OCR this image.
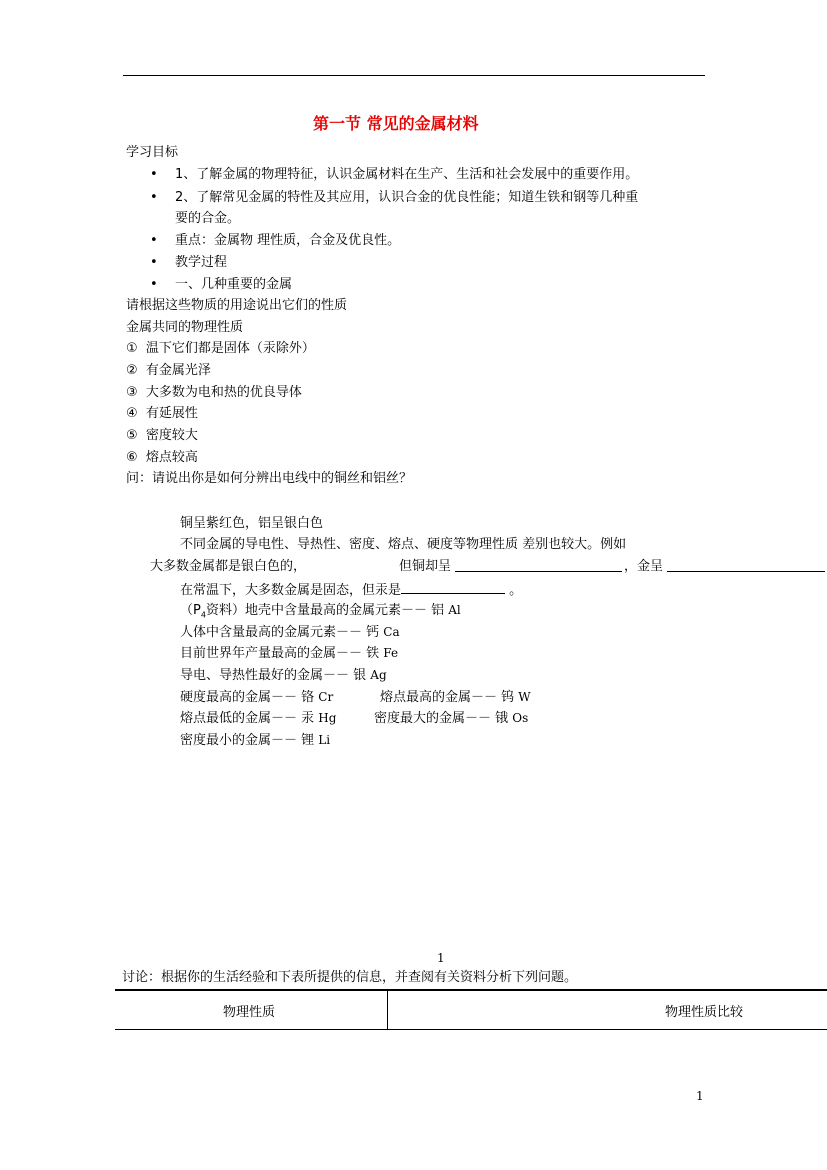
第一节 常见的金属材料
学习目标
• 1、了解金属的物理特征，认识金属材料在生产、生活和社会发展中的重要作用。
• 2、了解常见金属的特性及其应用，认识合金的优良性能；知道生铁和钢等几种重
要的合金。
• 重点：金属物 理性质，合金及优良性。
• 教学过程
• 一、几种重要的金属
请根据这些物质的用途说出它们的性质
金属共同的物理性质
① 温下它们都是固体（汞除外）
② 有金属光泽
③ 大多数为电和热的优良导体
④ 有延展性
⑤ 密度较大
⑥ 熔点较高
问：请说出你是如何分辨出电线中的铜丝和铝丝？
铜呈紫红色，铝呈银白色
不同金属的导电性、导热性、密度、熔点、硬度等物理性质 差别也较大。例如
大多数金属都是银白色的，	但铜却呈	，金呈
在常温下，大多数金属是固态，但汞是	。
（$P_4$资料）地壳中含量最高的金属元素－－ 铝 Al
人体中含量最高的金属元素－－ 钙 Ca
目前世界年产量最高的金属－－ 铁 Fe
导电、导热性最好的金属－－ 银 Ag
硬度最高的金属－－ 铬 Cr	熔点最高的金属－－ 钨 W
熔点最低的金属－－ 汞 Hg	密度最大的金属－－ 锇 Os
密度最小的金属－－ 锂 Li
1
讨论：根据你的生活经验和下表所提供的信息，并查阅有关资料分析下列问题。
物理性质	物理性质比较
1
